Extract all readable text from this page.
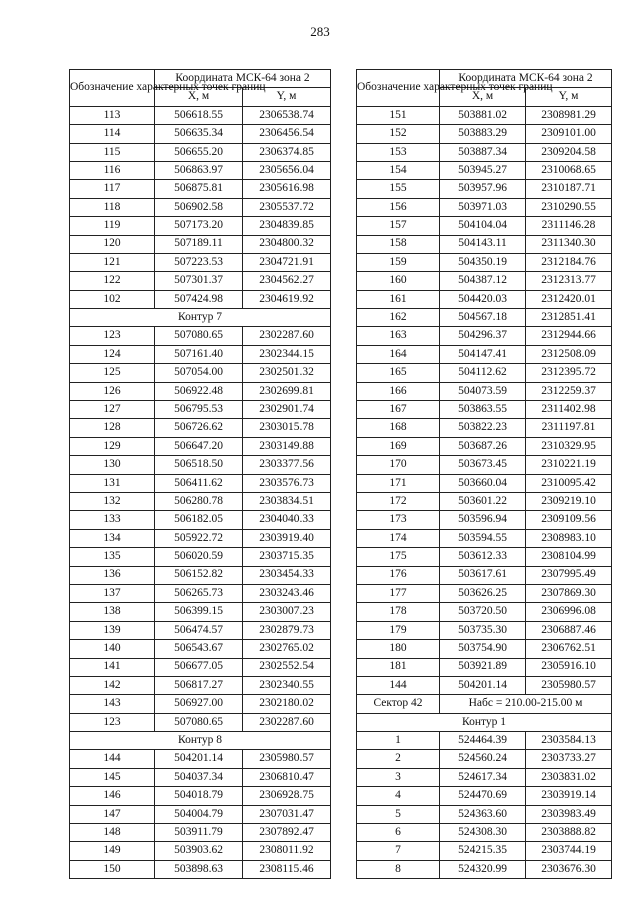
283
Обозначение характерных точек границ	Координата МСК-64 зона 2	
	X, м	Y, м
113	506618.55	2306538.74
114	506635.34	2306456.54
115	506655.20	2306374.85
116	506863.97	2305656.04
117	506875.81	2305616.98
118	506902.58	2305537.72
119	507173.20	2304839.85
120	507189.11	2304800.32
121	507223.53	2304721.91
122	507301.37	2304562.27
102	507424.98	2304619.92
Контур 7		
123	507080.65	2302287.60
124	507161.40	2302344.15
125	507054.00	2302501.32
126	506922.48	2302699.81
127	506795.53	2302901.74
128	506726.62	2303015.78
129	506647.20	2303149.88
130	506518.50	2303377.56
131	506411.62	2303576.73
132	506280.78	2303834.51
133	506182.05	2304040.33
134	505922.72	2303919.40
135	506020.59	2303715.35
136	506152.82	2303454.33
137	506265.73	2303243.46
138	506399.15	2303007.23
139	506474.57	2302879.73
140	506543.67	2302765.02
141	506677.05	2302552.54
142	506817.27	2302340.55
143	506927.00	2302180.02
123	507080.65	2302287.60
Контур 8		
144	504201.14	2305980.57
145	504037.34	2306810.47
146	504018.79	2306928.75
147	504004.79	2307031.47
148	503911.79	2307892.47
149	503903.62	2308011.92
150	503898.63	2308115.46
Обозначение характерных точек границ	Координата МСК-64 зона 2	
	X, м	Y, м
151	503881.02	2308981.29
152	503883.29	2309101.00
153	503887.34	2309204.58
154	503945.27	2310068.65
155	503957.96	2310187.71
156	503971.03	2310290.55
157	504104.04	2311146.28
158	504143.11	2311340.30
159	504350.19	2312184.76
160	504387.12	2312313.77
161	504420.03	2312420.01
162	504567.18	2312851.41
163	504296.37	2312944.66
164	504147.41	2312508.09
165	504112.62	2312395.72
166	504073.59	2312259.37
167	503863.55	2311402.98
168	503822.23	2311197.81
169	503687.26	2310329.95
170	503673.45	2310221.19
171	503660.04	2310095.42
172	503601.22	2309219.10
173	503596.94	2309109.56
174	503594.55	2308983.10
175	503612.33	2308104.99
176	503617.61	2307995.49
177	503626.25	2307869.30
178	503720.50	2306996.08
179	503735.30	2306887.46
180	503754.90	2306762.51
181	503921.89	2305916.10
144	504201.14	2305980.57
Сектор 42	Набс = 210.00-215.00 м	
Контур 1		
1	524464.39	2303584.13
2	524560.24	2303733.27
3	524617.34	2303831.02
4	524470.69	2303919.14
5	524363.60	2303983.49
6	524308.30	2303888.82
7	524215.35	2303744.19
8	524320.99	2303676.30
